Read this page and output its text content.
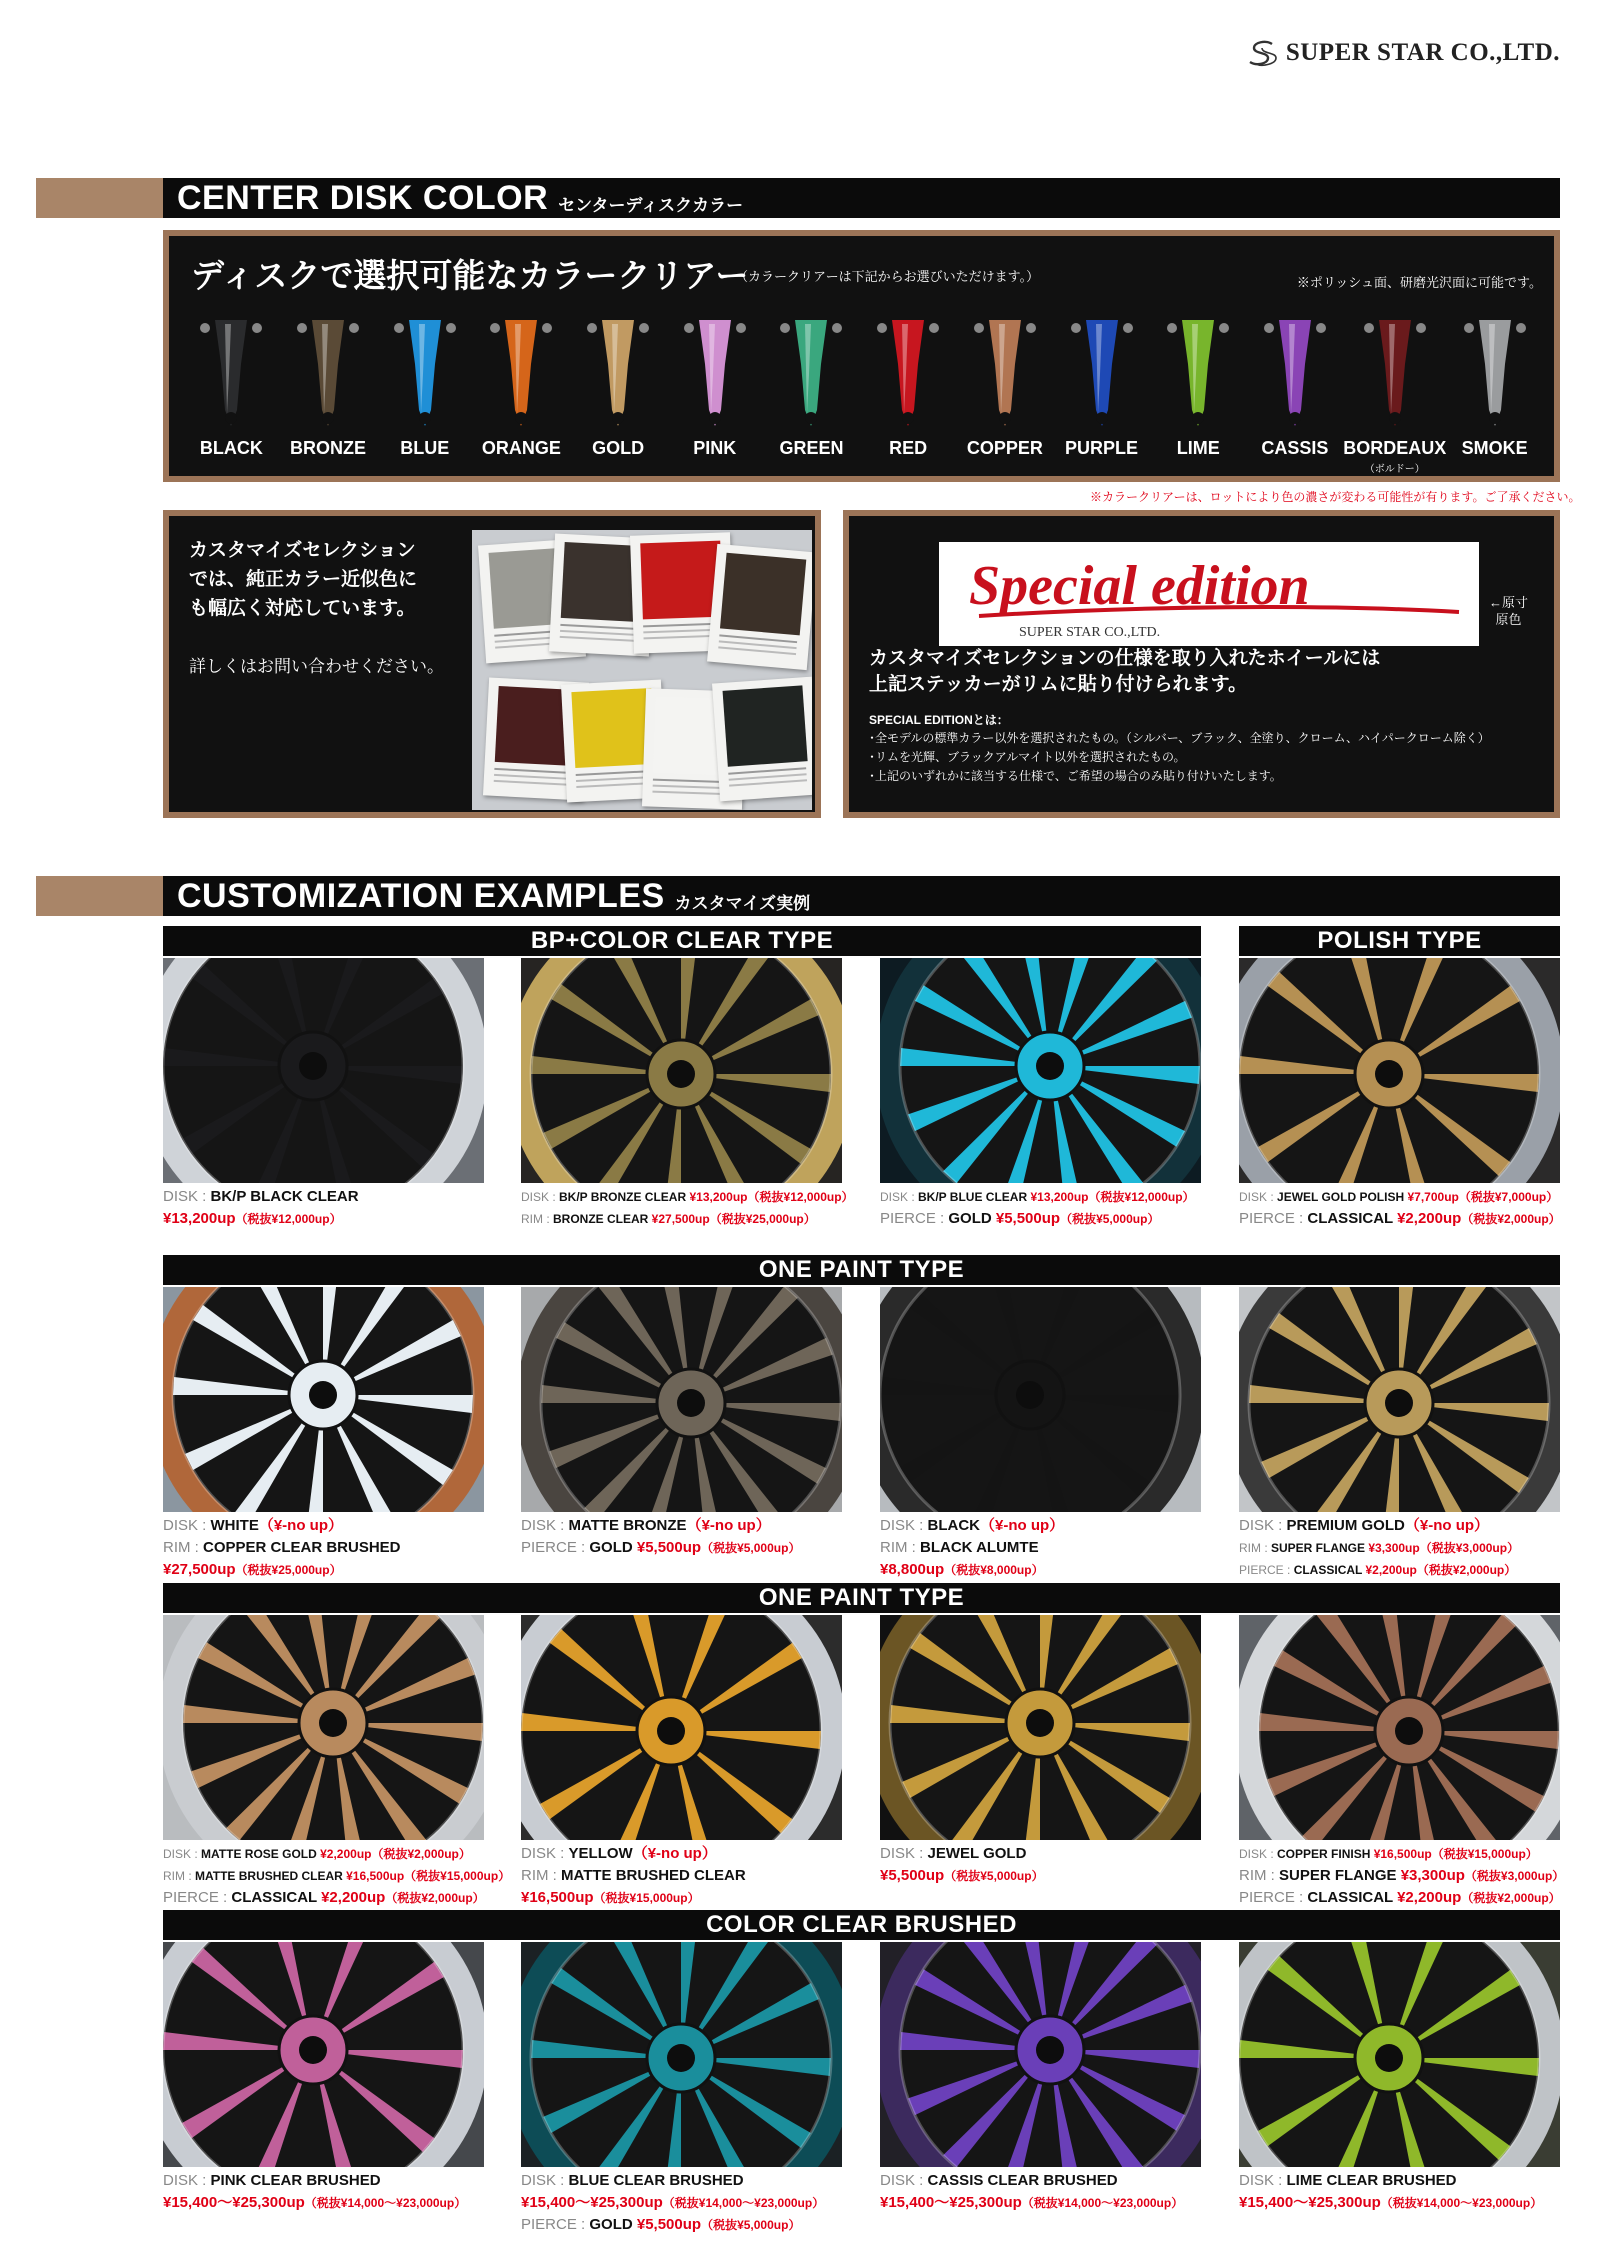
SUPER STAR CO.,LTD.
CENTER DISK COLOR センターディスクカラー
ディスクで選択可能なカラークリアー
（カラークリアーは下記からお選びいただけます。）	※ポリッシュ面、研磨光沢面に可能です。
BLACK BRONZE BLUE ORANGE GOLD	PINK GREEN	RED COPPER PURPLE LIME CASSIS BORDEAUX
（ボルドー）
SMOKE
※カラークリアーは、ロットにより色の濃さが変わる可能性が有ります。ご了承ください。
カスタマイズセレクション
では、純正カラー近似色に
も幅広く対応しています。
詳しくはお問い合わせください。
Special edition
SUPER STAR CO.,LTD.
←原寸
原色
カスタマイズセレクションの仕様を取り入れたホイールには
上記ステッカーがリムに貼り付けられます。
SPECIAL EDITIONとは：
･全モデルの標準カラー以外を選択されたもの。（シルバー、ブラック、全塗り、クローム、ハイパークローム除く）
･リムを光輝、ブラックアルマイト以外を選択されたもの。
･上記のいずれかに該当する仕様で、ご希望の場合のみ貼り付けいたします。
CUSTOMIZATION EXAMPLES カスタマイズ実例
BP+COLOR CLEAR TYPE	POLISH TYPE
ONE PAINT TYPE
ONE PAINT TYPE
COLOR CLEAR BRUSHED
DISK : BK/P BLACK CLEAR
¥13,200up（税抜¥12,000up）
DISK : BK/P BRONZE CLEAR ¥13,200up（税抜¥12,000up）
RIM : BRONZE CLEAR ¥27,500up（税抜¥25,000up）
DISK : BK/P BLUE CLEAR ¥13,200up（税抜¥12,000up）
PIERCE : GOLD ¥5,500up（税抜¥5,000up）
DISK : JEWEL GOLD POLISH ¥7,700up（税抜¥7,000up）
PIERCE : CLASSICAL ¥2,200up（税抜¥2,000up）
DISK : WHITE（¥-no up）
RIM : COPPER CLEAR BRUSHED
¥27,500up（税抜¥25,000up）
DISK : MATTE BRONZE（¥-no up）
PIERCE : GOLD ¥5,500up（税抜¥5,000up）
DISK : BLACK（¥-no up）
RIM : BLACK ALUMTE
¥8,800up（税抜¥8,000up）
DISK : PREMIUM GOLD（¥-no up）
RIM : SUPER FLANGE ¥3,300up（税抜¥3,000up）
PIERCE : CLASSICAL ¥2,200up（税抜¥2,000up）
DISK : MATTE ROSE GOLD ¥2,200up（税抜¥2,000up）
RIM : MATTE BRUSHED CLEAR ¥16,500up（税抜¥15,000up）
PIERCE : CLASSICAL ¥2,200up（税抜¥2,000up）
DISK : YELLOW（¥-no up）
RIM : MATTE BRUSHED CLEAR
¥16,500up（税抜¥15,000up）
DISK : JEWEL GOLD
¥5,500up（税抜¥5,000up）
DISK : COPPER FINISH ¥16,500up（税抜¥15,000up）
RIM : SUPER FLANGE ¥3,300up（税抜¥3,000up）
PIERCE : CLASSICAL ¥2,200up（税抜¥2,000up）
DISK : PINK CLEAR BRUSHED
¥15,400～¥25,300up（税抜¥14,000～¥23,000up）
DISK : BLUE CLEAR BRUSHED
¥15,400～¥25,300up（税抜¥14,000～¥23,000up）
PIERCE : GOLD ¥5,500up（税抜¥5,000up）
DISK : CASSIS CLEAR BRUSHED
¥15,400～¥25,300up（税抜¥14,000～¥23,000up）
DISK : LIME CLEAR BRUSHED
¥15,400～¥25,300up（税抜¥14,000～¥23,000up）
